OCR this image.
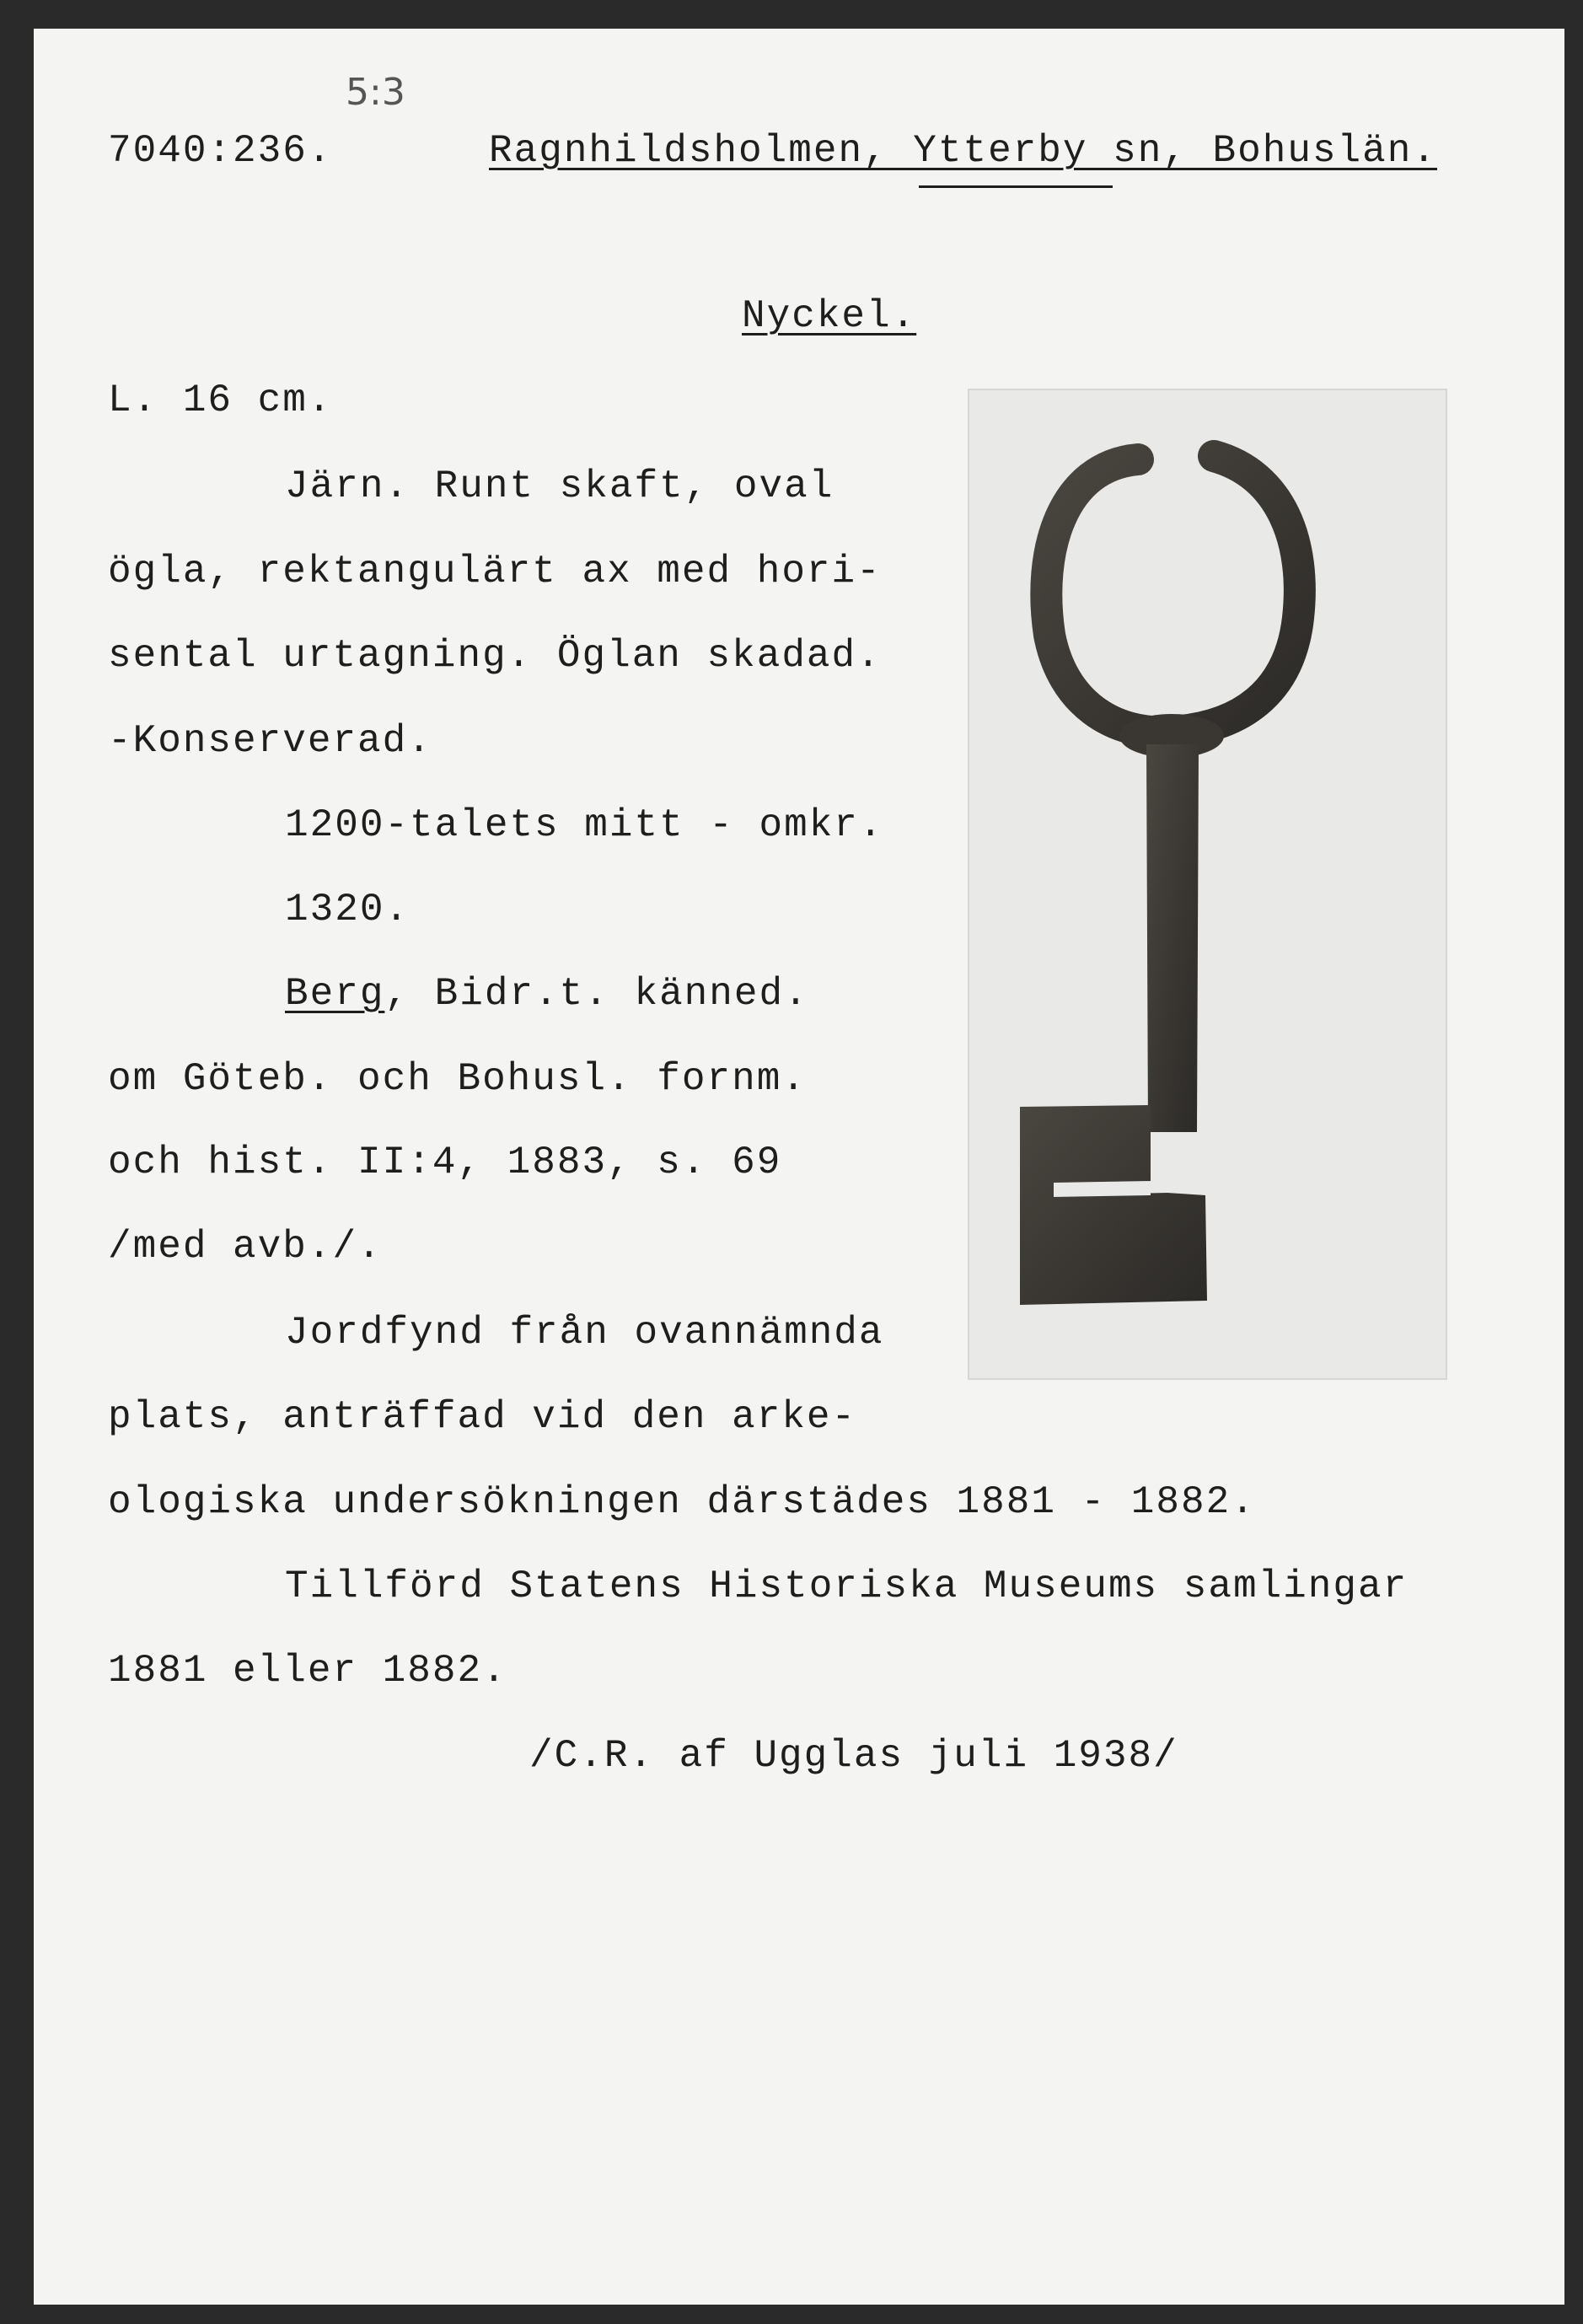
5:3
7040:236.	Ragnhildsholmen, Ytterby sn, Bohuslän.
Nyckel.
L. 16 cm.
Järn. Runt skaft, oval
ögla, rektangulärt ax med hori-
sental urtagning. Öglan skadad.
-Konserverad.
1200-talets mitt - omkr.
1320.
Berg, Bidr.t. känned.
om Göteb. och Bohusl. fornm.
och hist. II:4, 1883, s. 69
/med avb./.
Jordfynd från ovannämnda
plats, anträffad vid den arke-
ologiska undersökningen därstädes 1881 - 1882.
Tillförd Statens Historiska Museums samlingar
1881 eller 1882.
/C.R. af Ugglas juli 1938/
